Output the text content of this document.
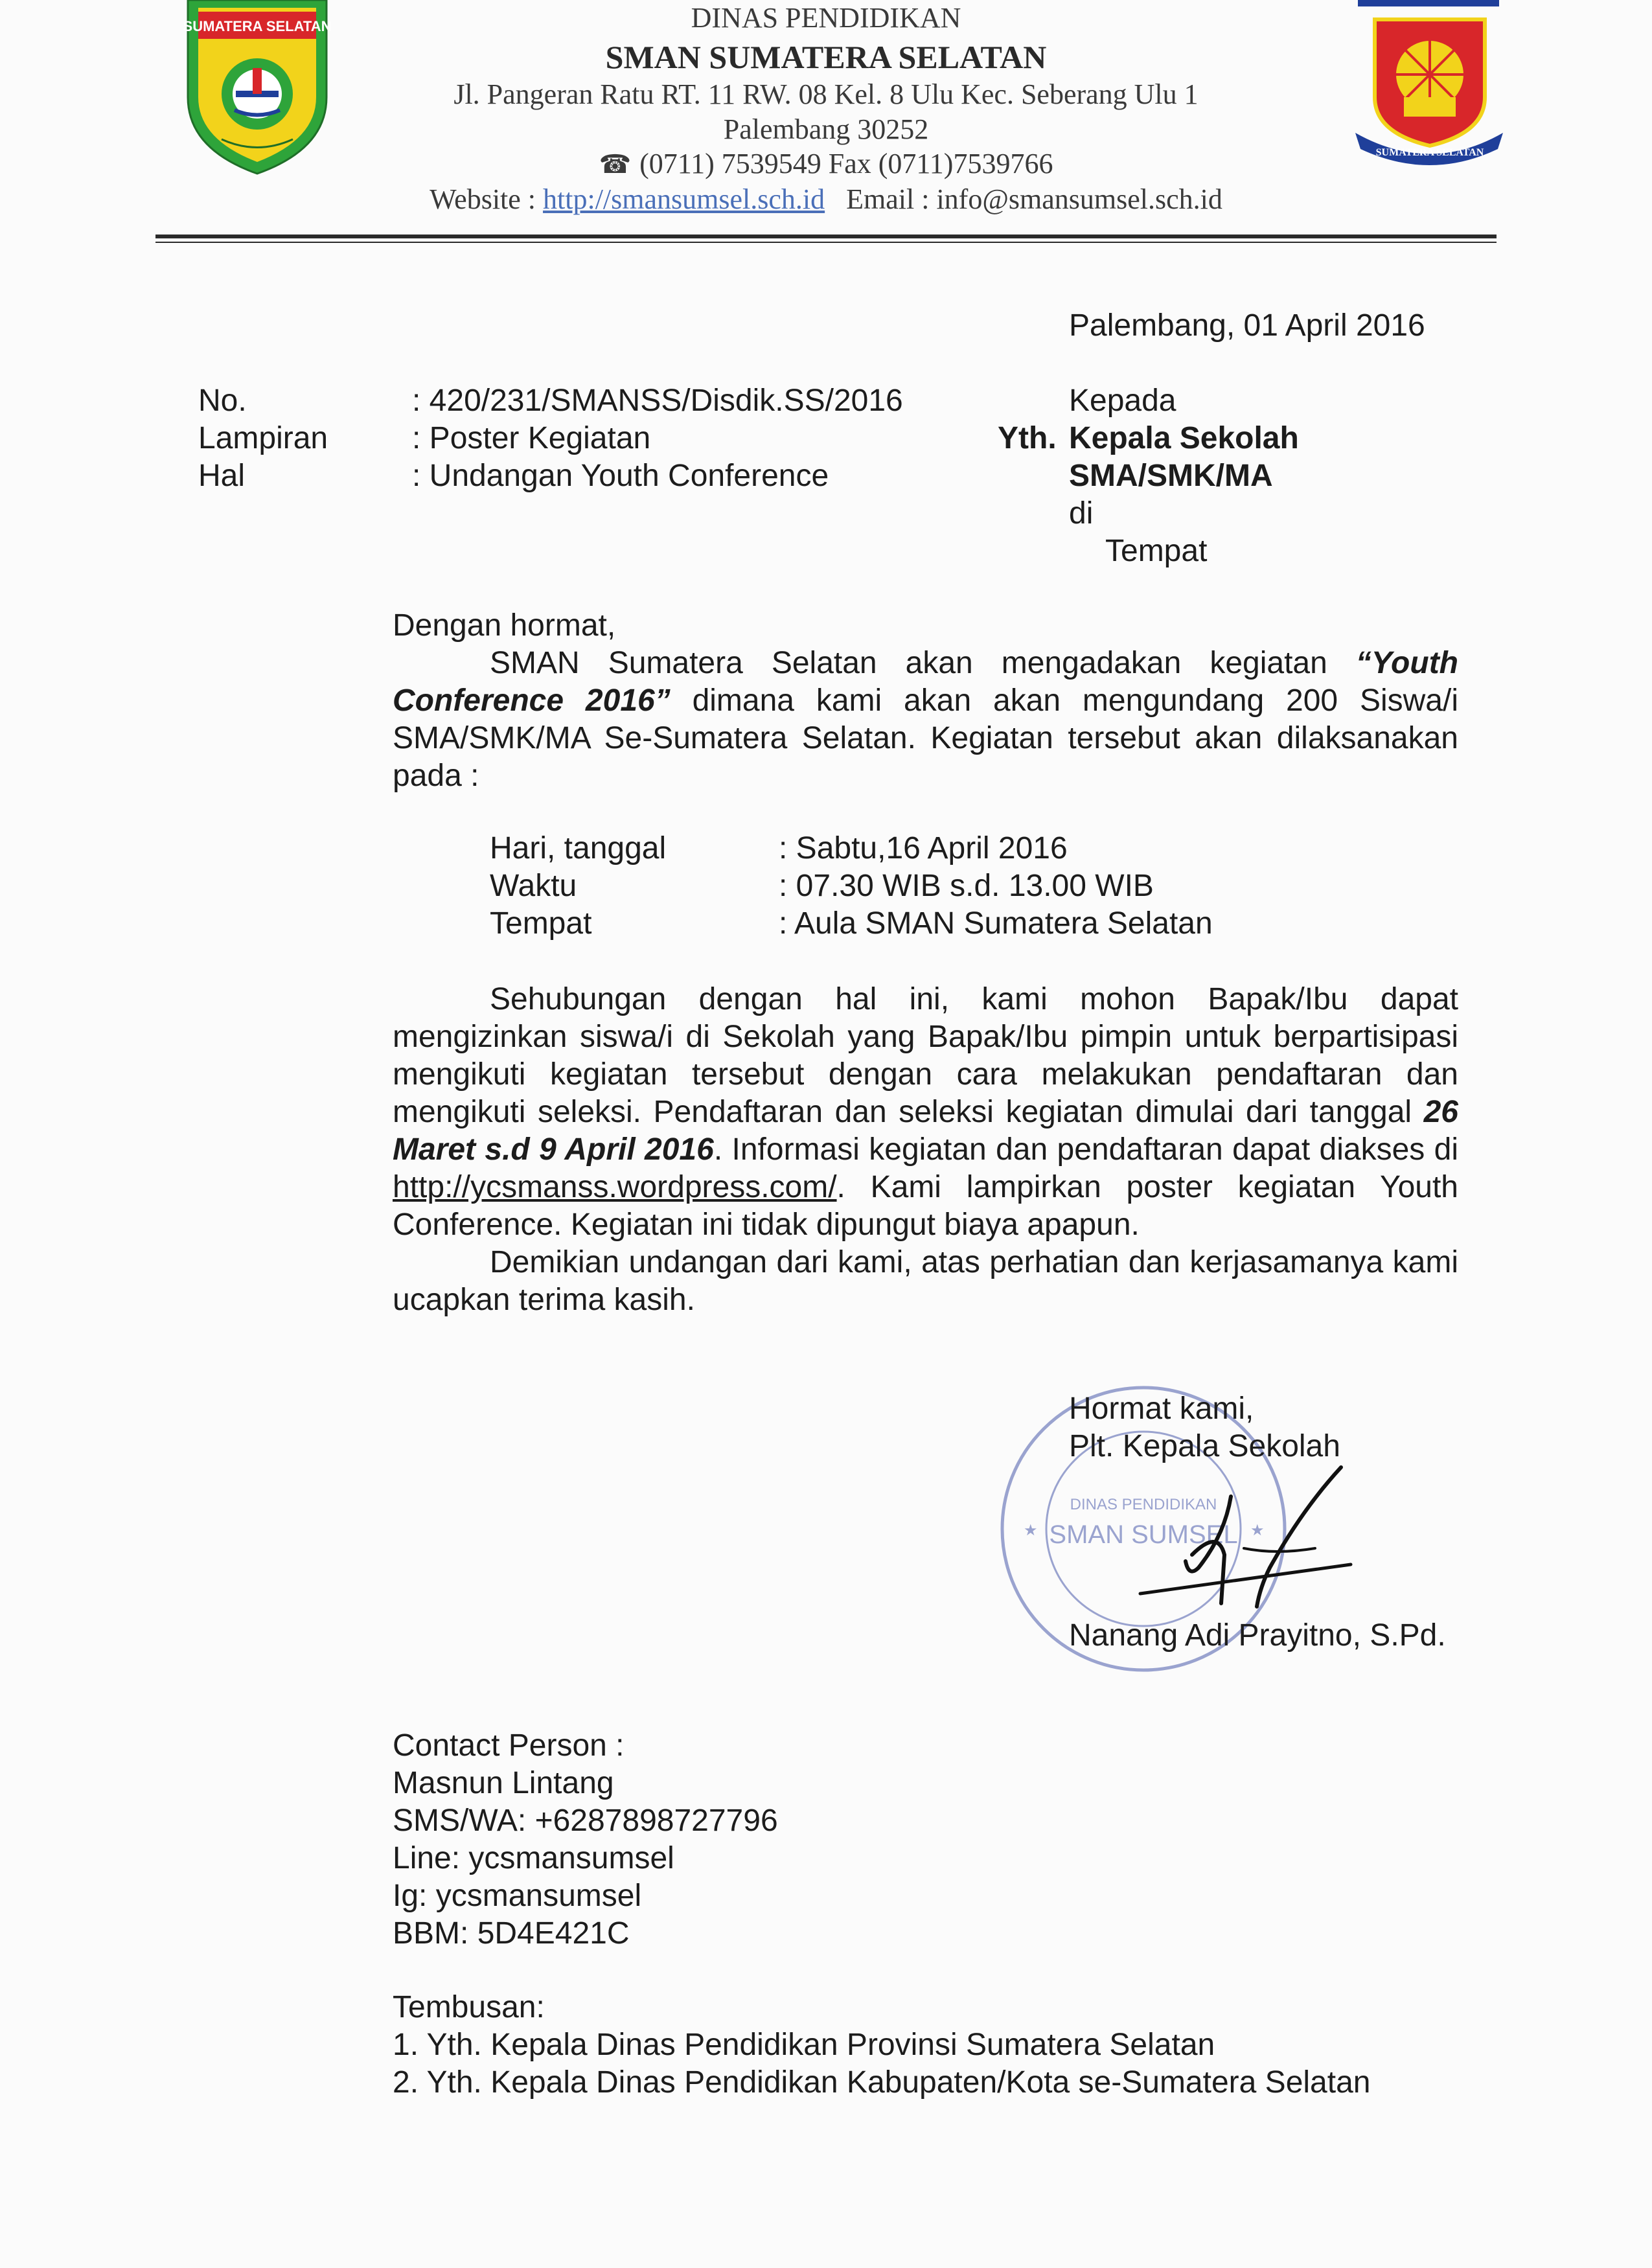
SUMATERA SELATAN
SUMATERA SELATAN
DINAS PENDIDIKAN
SMAN SUMATERA SELATAN
Jl. Pangeran Ratu RT. 11 RW. 08 Kel. 8 Ulu Kec. Seberang Ulu 1
Palembang 30252
☎ (0711) 7539549 Fax (0711)7539766
Website : http://smansumsel.sch.id Email : info@smansumsel.sch.id
Palembang, 01 April 2016
No.	: 420/231/SMANSS/Disdik.SS/2016
Lampiran	: Poster Kegiatan
Hal	: Undangan Youth Conference
Kepada
Yth. Kepala Sekolah
SMA/SMK/MA
di
Tempat
Dengan hormat,

SMAN Sumatera Selatan akan mengadakan kegiatan “Youth Conference 2016” dimana kami akan akan mengundang 200 Siswa/i SMA/SMK/MA Se-Sumatera Selatan. Kegiatan tersebut akan dilaksanakan pada :

Hari, tanggal	: Sabtu,16 April 2016
Waktu	: 07.30 WIB s.d. 13.00 WIB
Tempat	: Aula SMAN Sumatera Selatan

Sehubungan dengan hal ini, kami mohon Bapak/Ibu dapat mengizinkan siswa/i di Sekolah yang Bapak/Ibu pimpin untuk berpartisipasi mengikuti kegiatan tersebut dengan cara melakukan pendaftaran dan mengikuti seleksi. Pendaftaran dan seleksi kegiatan dimulai dari tanggal 26 Maret s.d 9 April 2016. Informasi kegiatan dan pendaftaran dapat diakses di http://ycsmanss.wordpress.com/. Kami lampirkan poster kegiatan Youth Conference. Kegiatan ini tidak dipungut biaya apapun.

Demikian undangan dari kami, atas perhatian dan kerjasamanya kami ucapkan terima kasih.

DINAS PENDIDIKAN
SMAN SUMSEL
★	★
Hormat kami,
Plt. Kepala Sekolah
Nanang Adi Prayitno, S.Pd.
Contact Person :
Masnun Lintang
SMS/WA: +6287898727796
Line: ycsmansumsel
Ig: ycsmansumsel
BBM: 5D4E421C
Tembusan:
1. Yth. Kepala Dinas Pendidikan Provinsi Sumatera Selatan
2. Yth. Kepala Dinas Pendidikan Kabupaten/Kota se-Sumatera Selatan
